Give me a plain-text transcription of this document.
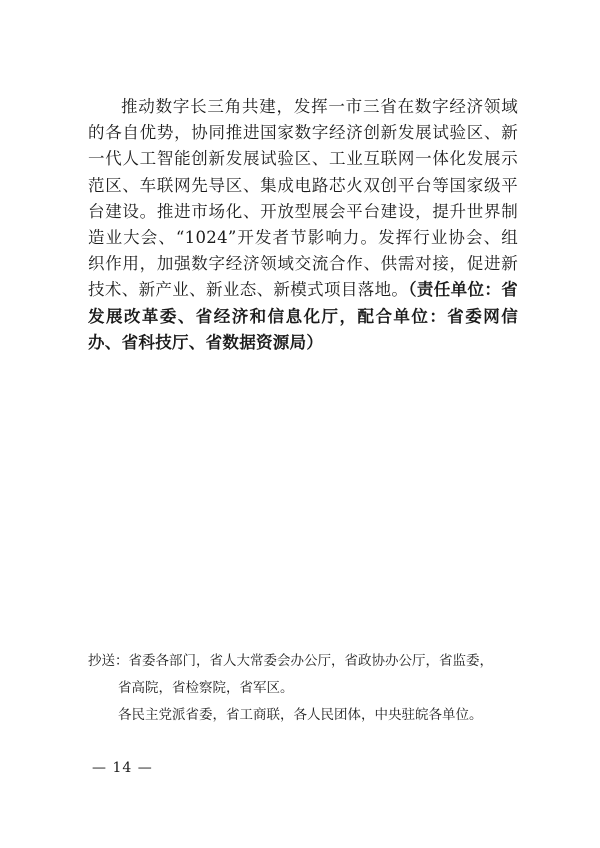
推动数字长三角共建，发挥一市三省在数字经济领域的各自优势，协同推进国家数字经济创新发展试验区、新一代人工智能创新发展试验区、工业互联网一体化发展示范区、车联网先导区、集成电路芯火双创平台等国家级平台建设。推进市场化、开放型展会平台建设，提升世界制造业大会、“1024”开发者节影响力。发挥行业协会、组织作用，加强数字经济领域交流合作、供需对接，促进新技术、新产业、新业态、新模式项目落地。（责任单位：省发展改革委、省经济和信息化厅，配合单位：省委网信办、省科技厅、省数据资源局）

抄送：省委各部门，省人大常委会办公厅，省政协办公厅，省监委，
省高院，省检察院，省军区。
各民主党派省委，省工商联，各人民团体，中央驻皖各单位。
— 14 —
